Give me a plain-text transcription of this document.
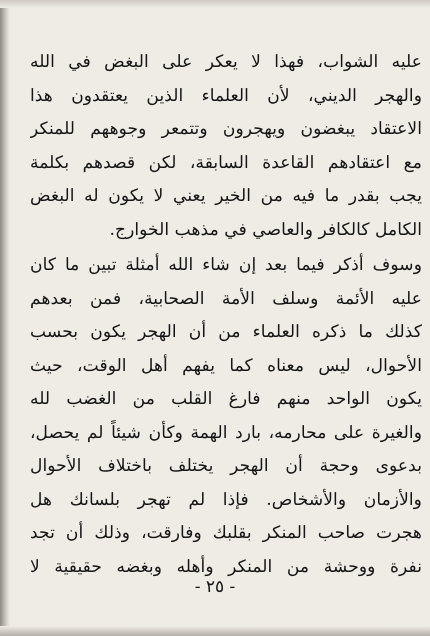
عليه الشواب، فهذا لا يعكر على البغض في الله
والهجر الديني، لأن العلماء الذين يعتقدون هذا
الاعتقاد يبغضون ويهجرون وتتمعر وجوههم للمنكر
مع اعتقادهم القاعدة السابقة، لكن قصدهم بكلمة
يجب بقدر ما فيه من الخير يعني لا يكون له البغض
الكامل كالكافر والعاصي في مذهب الخوارج.
وسوف أذكر فيما بعد إن شاء الله أمثلة تبين ما كان
عليه الأئمة وسلف الأمة الصحابية، فمن بعدهم
كذلك ما ذكره العلماء من أن الهجر يكون بحسب
الأحوال، ليس معناه كما يفهم أهل الوقت، حيث
يكون الواحد منهم فارغ القلب من الغضب لله
والغيرة على محارمه، بارد الهمة وكأن شيئاً لم يحصل،
بدعوى وحجة أن الهجر يختلف باختلاف الأحوال
والأزمان والأشخاص. فإذا لم تهجر بلسانك هل
هجرت صاحب المنكر بقلبك وفارقت، وذلك أن تجد
نفرة ووحشة من المنكر وأهله وبغضه حقيقية لا
- ٢٥ -
